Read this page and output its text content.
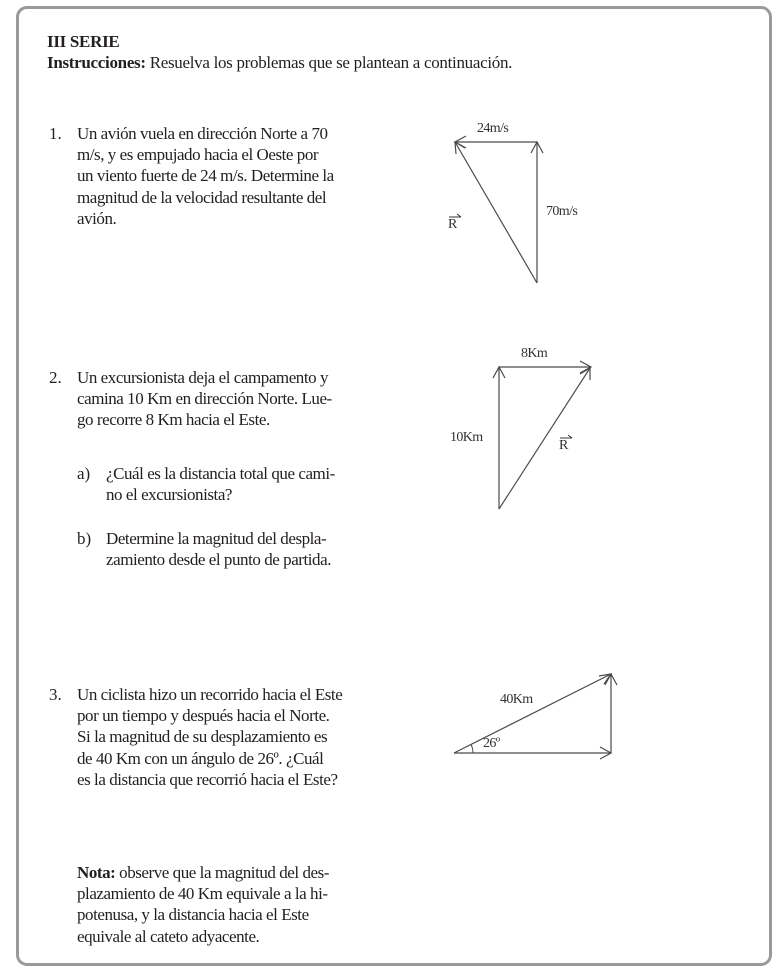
III SERIE
Instrucciones: Resuelva los problemas que se plantean a continuación.
1. Un avión vuela en dirección Norte a 70
m/s, y es empujado hacia el Oeste por
un viento fuerte de 24 m/s. Determine la
magnitud de la velocidad resultante del
avión.
2. Un excursionista deja el campamento y
camina 10 Km en dirección Norte. Lue-
go recorre 8 Km hacia el Este.
a) ¿Cuál es la distancia total que cami-
no el excursionista?
b) Determine la magnitud del despla-
zamiento desde el punto de partida.
3. Un ciclista hizo un recorrido hacia el Este
por un tiempo y después hacia el Norte.
Si la magnitud de su desplazamiento es
de 40 Km con un ángulo de 26º. ¿Cuál
es la distancia que recorrió hacia el Este?
Nota: observe que la magnitud del des-
plazamiento de 40 Km equivale a la hi-
potenusa, y la distancia hacia el Este
equivale al cateto adyacente.
24m/s
70m/s
R
8Km
10Km
R
40Km
26º
